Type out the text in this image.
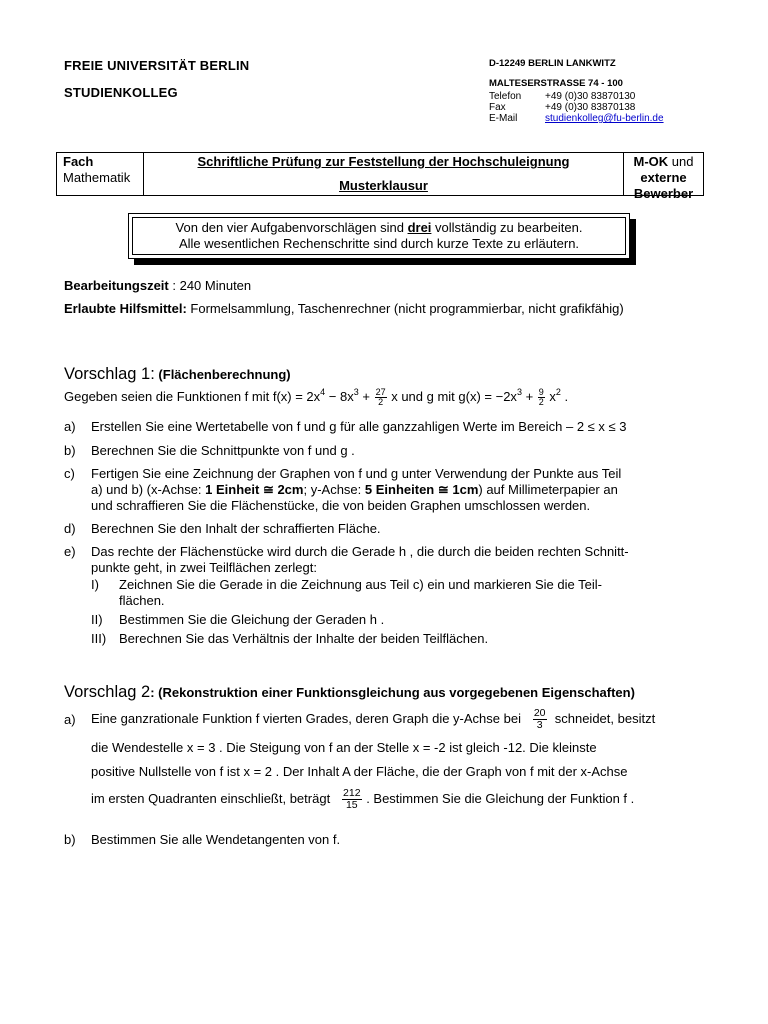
FREIE UNIVERSITÄT BERLIN
STUDIENKOLLEG
D-12249 BERLIN LANKWITZ
MALTESERSTRASSE 74 - 100
Telefon +49 (0)30 83870130
Fax	+49 (0)30 83870138
E-Mail	studienkolleg@fu-berlin.de
Fach
Mathematik
Schriftliche Prüfung zur Feststellung der Hochschuleignung
Musterklausur
M-OK und
externe Bewerber
Von den vier Aufgabenvorschlägen sind drei vollständig zu bearbeiten.
Alle wesentlichen Rechenschritte sind durch kurze Texte zu erläutern.
Bearbeitungszeit : 240 Minuten
Erlaubte Hilfsmittel: Formelsammlung, Taschenrechner (nicht programmierbar, nicht grafikfähig)
Vorschlag 1: (Flächenberechnung)
Gegeben seien die Funktionen f mit $f(x) = 2x^4 - 8x^3 + \frac{27}{2}$ x und g mit $g(x) = -2x^3 + \frac{9}{2} x^2$ .
a) Erstellen Sie eine Wertetabelle von f und g für alle ganzzahligen Werte im Bereich – 2 ≤ x ≤ 3
b) Berechnen Sie die Schnittpunkte von f und g .
c) Fertigen Sie eine Zeichnung der Graphen von f und g unter Verwendung der Punkte aus Teil
a) und b) (x-Achse: 1 Einheit ≅ 2cm; y-Achse: 5 Einheiten ≅ 1cm) auf Millimeterpapier an
und schraffieren Sie die Flächenstücke, die von beiden Graphen umschlossen werden.
d) Berechnen Sie den Inhalt der schraffierten Fläche.
e) Das rechte der Flächenstücke wird durch die Gerade h , die durch die beiden rechten Schnitt-
punkte geht, in zwei Teilflächen zerlegt:
I) Zeichnen Sie die Gerade in die Zeichnung aus Teil c) ein und markieren Sie die Teil-
flächen.
II) Bestimmen Sie die Gleichung der Geraden h .
III) Berechnen Sie das Verhältnis der Inhalte der beiden Teilflächen.
Vorschlag 2: (Rekonstruktion einer Funktionsgleichung aus vorgegebenen Eigenschaften)
a) Eine ganzrationale Funktion f vierten Grades, deren Graph die y-Achse bei $\frac{20}{3}$ schneidet, besitzt
die Wendestelle x = 3 . Die Steigung von f an der Stelle x = -2 ist gleich -12. Die kleinste
positive Nullstelle von f ist x = 2 . Der Inhalt A der Fläche, die der Graph von f mit der x-Achse
im ersten Quadranten einschließt, beträgt $\frac{212}{15}$ . Bestimmen Sie die Gleichung der Funktion f .
b) Bestimmen Sie alle Wendetangenten von f.
